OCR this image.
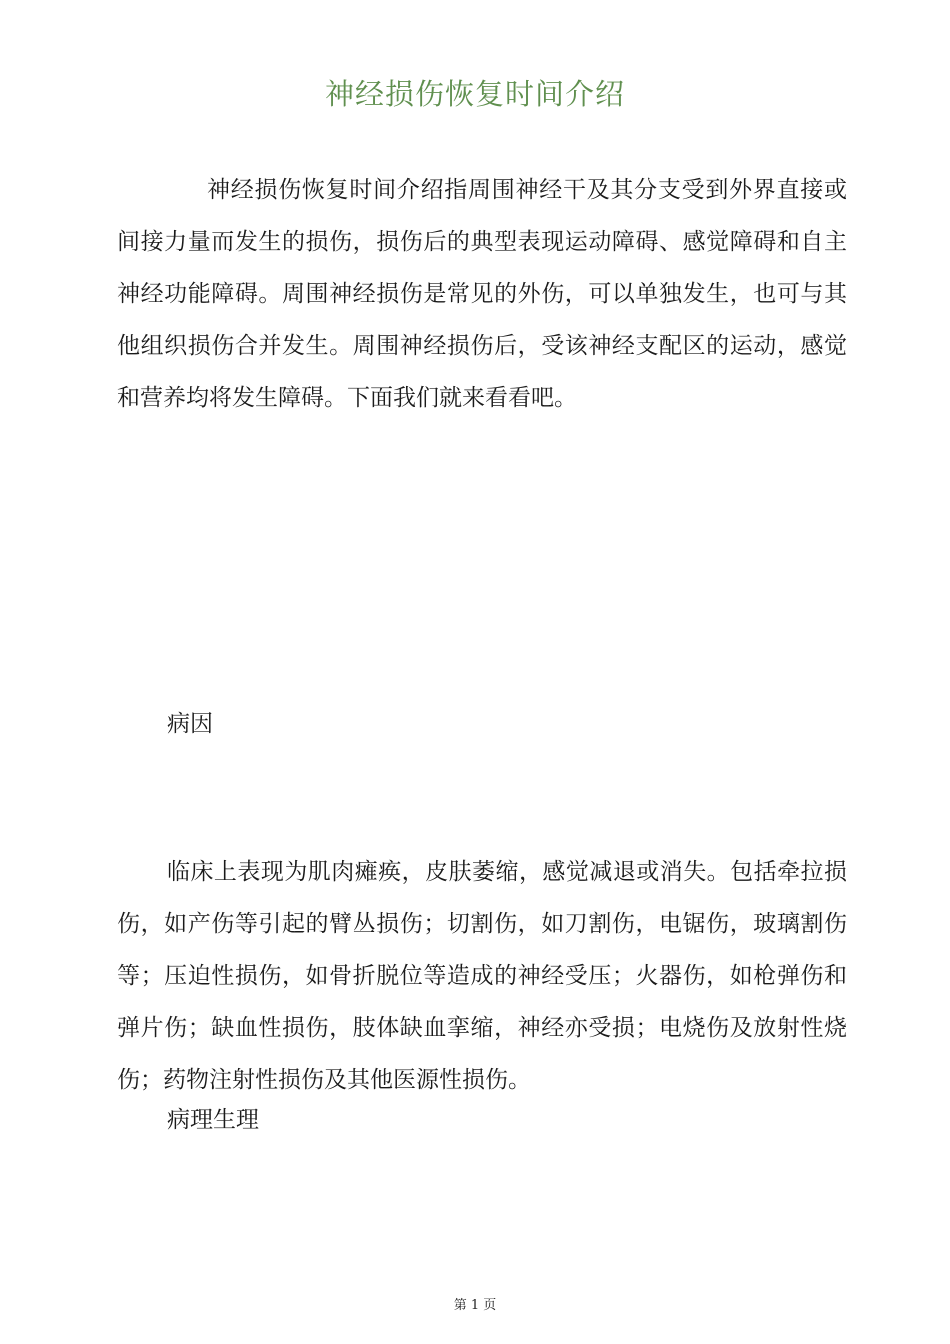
神经损伤恢复时间介绍
神经损伤恢复时间介绍指周围神经干及其分支受到外界直接或间接力量而发生的损伤，损伤后的典型表现运动障碍、感觉障碍和自主神经功能障碍。周围神经损伤是常见的外伤，可以单独发生，也可与其他组织损伤合并发生。周围神经损伤后，受该神经支配区的运动，感觉和营养均将发生障碍。下面我们就来看看吧。
病因
临床上表现为肌肉瘫痪，皮肤萎缩，感觉减退或消失。包括牵拉损伤，如产伤等引起的臂丛损伤；切割伤，如刀割伤，电锯伤，玻璃割伤等；压迫性损伤，如骨折脱位等造成的神经受压；火器伤，如枪弹伤和弹片伤；缺血性损伤，肢体缺血挛缩，神经亦受损；电烧伤及放射性烧伤；药物注射性损伤及其他医源性损伤。
病理生理
第 1 页
